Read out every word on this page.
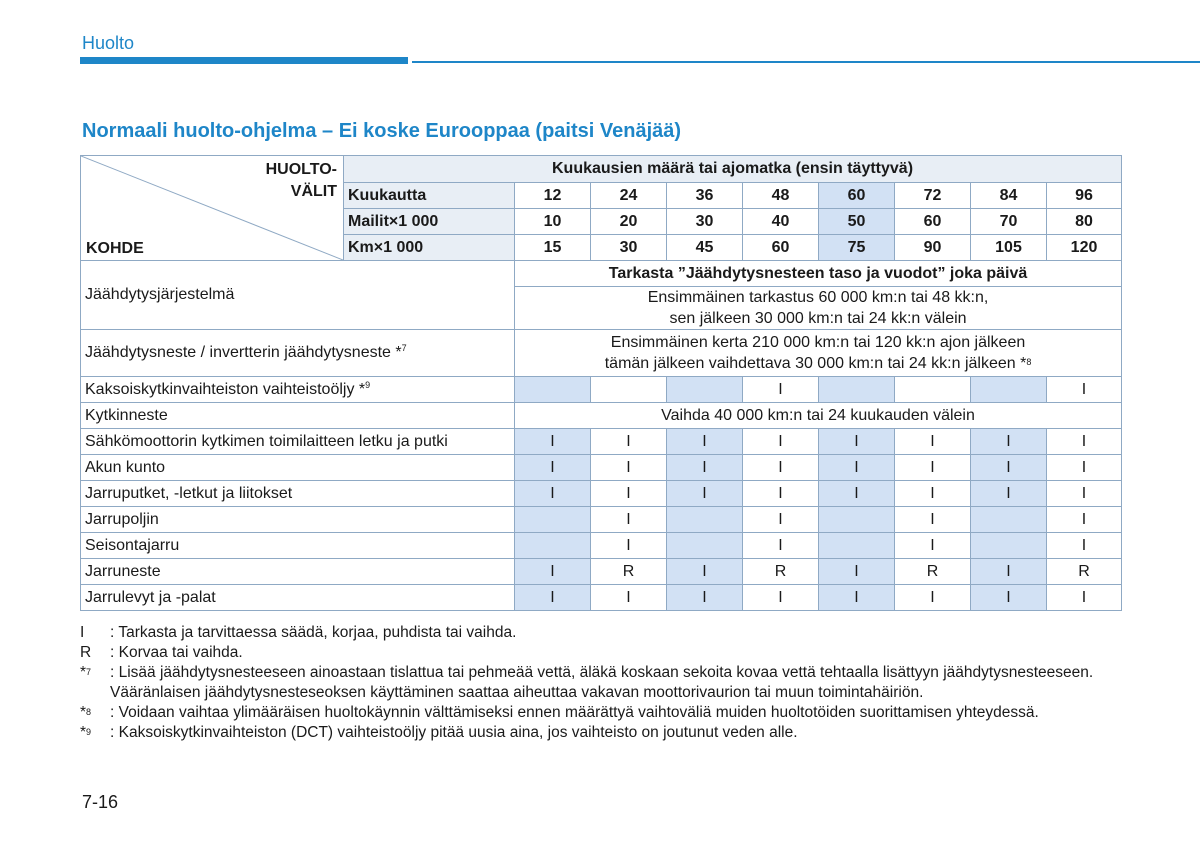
Huolto
Normaali huolto-ohjelma – Ei koske Eurooppaa (paitsi Venäjää)
HUOLTO-
VÄLIT
KOHDE	Kuukausien määrä tai ajomatka (ensin täyttyvä)								
	Kuukautta	12	24	36	48	60	72	84	96
	Mailit×1 000	10	20	30	40	50	60	70	80
	Km×1 000	15	30	45	60	75	90	105	120
Jäähdytysjärjestelmä		Tarkasta ”Jäähdytysnesteen taso ja vuodot” joka päivä							

		Ensimmäinen tarkastus 60 000 km:n tai 48 kk:n,
sen jälkeen 30 000 km:n tai 24 kk:n välein							

Jäähdytysneste / invertterin jäähdytysneste *$^7$		Ensimmäinen kerta 210 000 km:n tai 120 kk:n ajon jälkeen
tämän jälkeen vaihdettava 30 000 km:n tai 24 kk:n jälkeen *$^8$

Kaksoiskytkinvaihteiston vaihteistoöljy *$^9$					I				I
Kytkinneste		Vaihda 40 000 km:n tai 24 kuukauden välein							
Sähkömoottorin kytkimen toimilaitteen letku ja putki		I	I	I	I	I	I	I	I
Akun kunto		I	I	I	I	I	I	I	I
Jarruputket, -letkut ja liitokset		I	I	I	I	I	I	I	I
Jarrupoljin			I		I		I		I
Seisontajarru			I		I		I		I
Jarruneste		I	R	I	R	I	R	I	R
Jarrulevyt ja -palat		I	I	I	I	I	I	I	I
I	: Tarkasta ja tarvittaessa säädä, korjaa, puhdista tai vaihda.
R	: Korvaa tai vaihda.
*$^7$	: Lisää jäähdytysnesteeseen ainoastaan tislattua tai pehmeää vettä, äläkä koskaan sekoita kovaa vettä tehtaalla lisättyyn jäähdytysnesteeseen.
Vääränlaisen jäähdytysnesteseoksen käyttäminen saattaa aiheuttaa vakavan moottorivaurion tai muun toimintahäiriön.
*$^8$	: Voidaan vaihtaa ylimääräisen huoltokäynnin välttämiseksi ennen määrättyä vaihtoväliä muiden huoltotöiden suorittamisen yhteydessä.
*$^9$	: Kaksoiskytkinvaihteiston (DCT) vaihteistoöljy pitää uusia aina, jos vaihteisto on joutunut veden alle.
7-16
